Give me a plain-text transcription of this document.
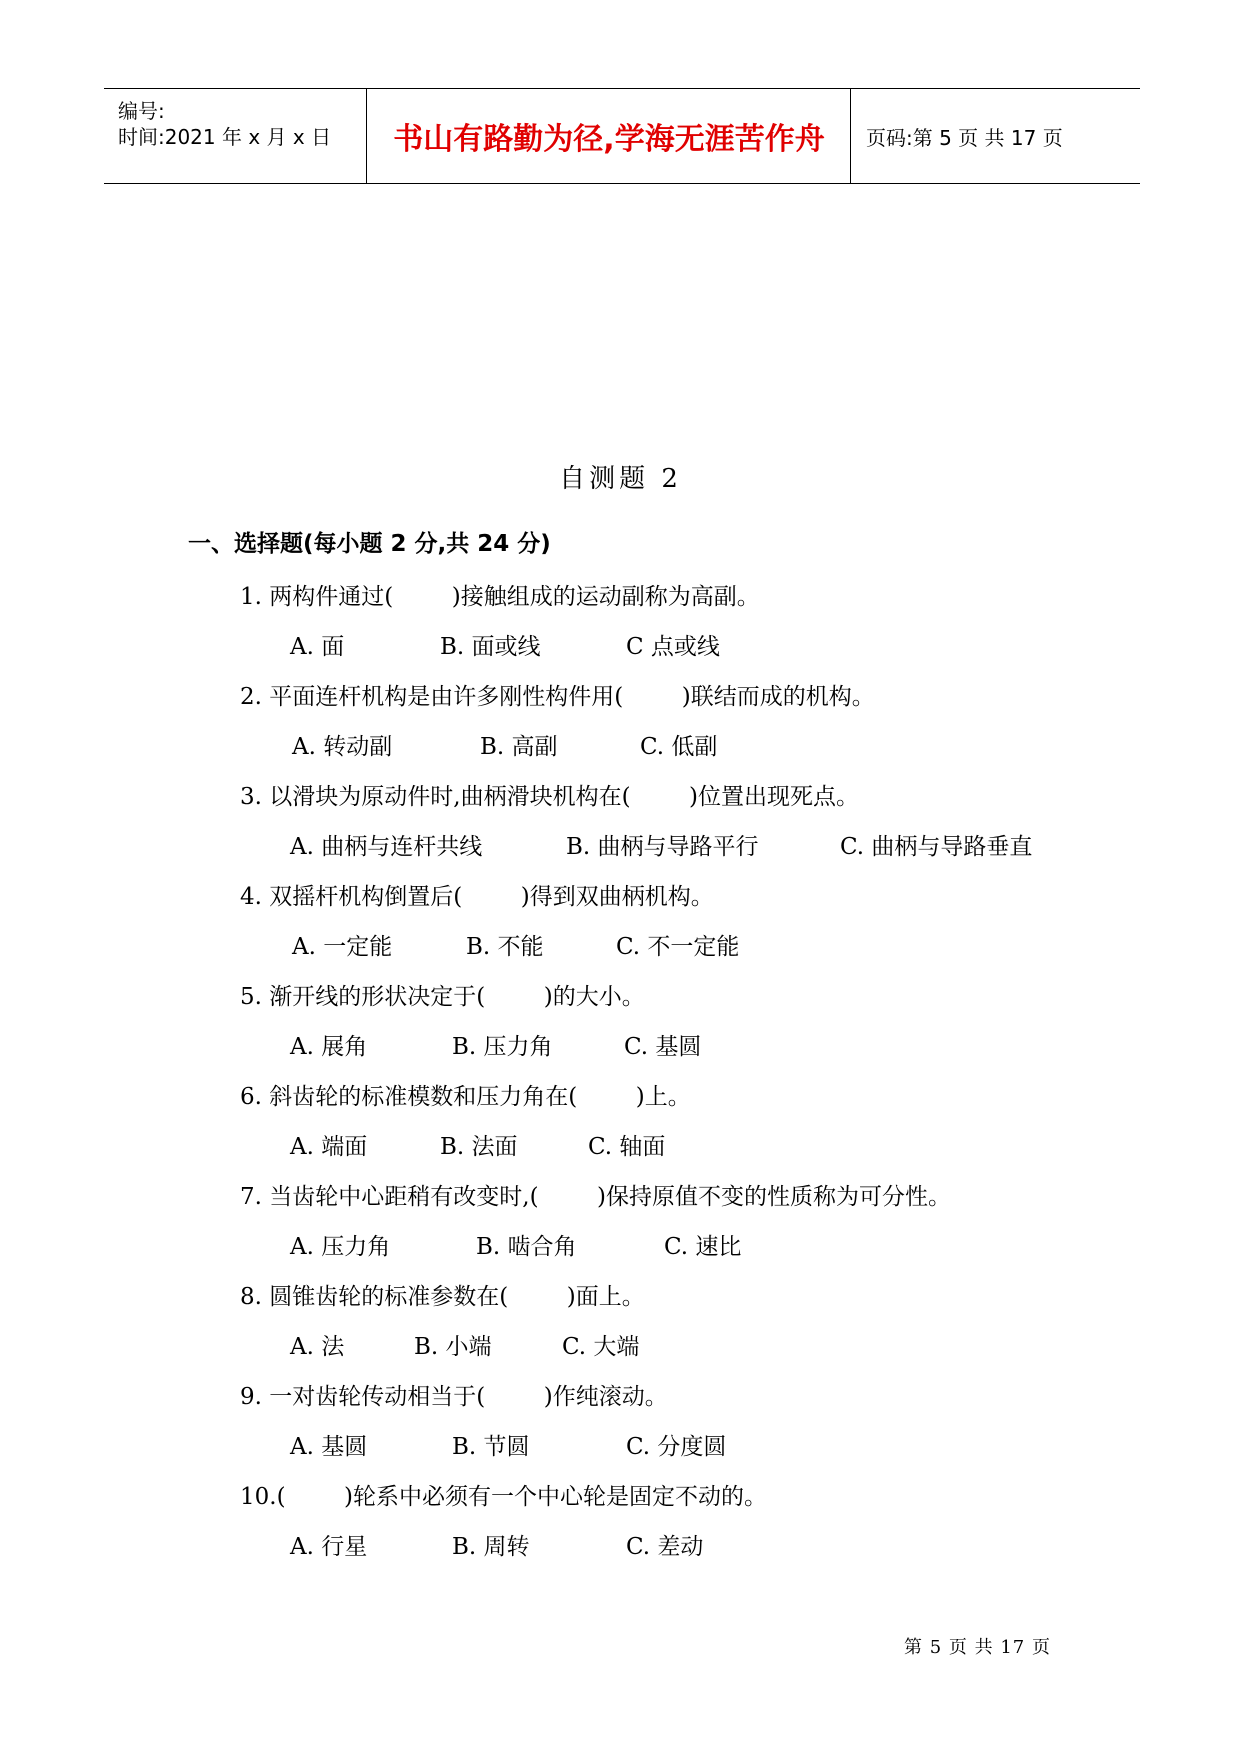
编号:
时间:2021 年 x 月 x 日	书山有路勤为径,学海无涯苦作舟	页码:第 5 页 共 17 页
自测题 2
一、选择题(每小题 2 分,共 24 分)
1. 两构件通过(        )接触组成的运动副称为高副。
A. 面	B. 面或线	C 点或线
2. 平面连杆机构是由许多刚性构件用(        )联结而成的机构。
A. 转动副	B. 高副	C. 低副
3. 以滑块为原动件时,曲柄滑块机构在(        )位置出现死点。
A. 曲柄与连杆共线	B. 曲柄与导路平行	C. 曲柄与导路垂直
4. 双摇杆机构倒置后(        )得到双曲柄机构。
A. 一定能	B. 不能	C. 不一定能
5. 渐开线的形状决定于(        )的大小。
A. 展角	B. 压力角	C. 基圆
6. 斜齿轮的标准模数和压力角在(        )上。
A. 端面	B. 法面	C. 轴面
7. 当齿轮中心距稍有改变时,(        )保持原值不变的性质称为可分性。
A. 压力角	B. 啮合角	C. 速比
8. 圆锥齿轮的标准参数在(        )面上。
A. 法	B. 小端	C. 大端
9. 一对齿轮传动相当于(        )作纯滚动。
A. 基圆	B. 节圆	C. 分度圆
10.(        )轮系中必须有一个中心轮是固定不动的。
A. 行星	B. 周转	C. 差动
第 5 页 共 17 页
